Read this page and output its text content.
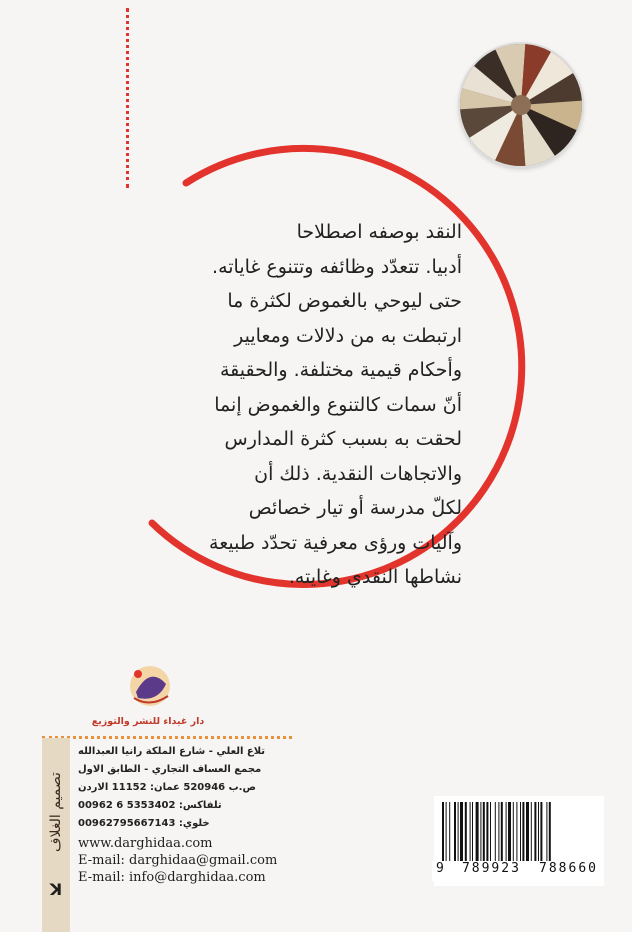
النقد بوصفه اصطلاحا
أدبيا. تتعدّد وظائفه وتتنوع غاياته.
حتى ليوحي بالغموض لكثرة ما
ارتبطت به من دلالات ومعايير
وأحكام قيمية مختلفة. والحقيقة
أنّ سمات كالتنوع والغموض إنما
لحقت به بسبب كثرة المدارس
والاتجاهات النقدية. ذلك أن
لكلّ مدرسة أو تيار خصائص
وآليات ورؤى معرفية تحدّد طبيعة
نشاطها النقدي وغايته.
دار غيداء للنشر والتوزيع
تصميم الغلاف
ꓘ
تلاع العلي - شارع الملكة رانيا العبدالله
مجمع العساف التجاري - الطابق الاول
ص.ب 520946 عمان: 11152 الاردن
تلفاكس: 5353402 6 00962
خلوي: 00962795667143
www.darghidaa.com
E-mail: darghidaa@gmail.com
E-mail: info@darghidaa.com
9 789923 788660
